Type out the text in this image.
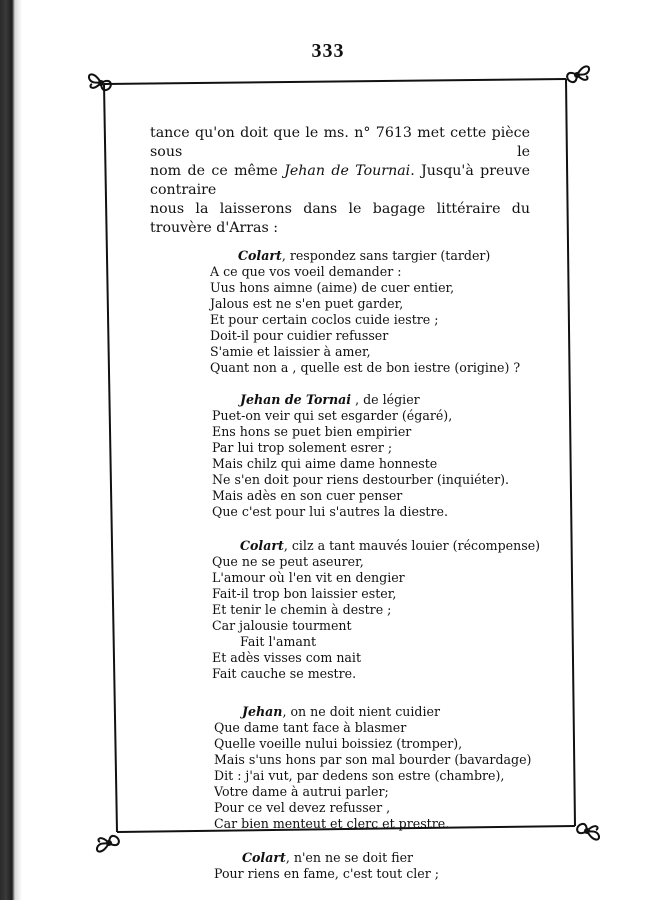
333

tance qu'on doit que le ms. n° 7613 met cette pièce sous le

nom de ce même Jehan de Tournai. Jusqu'à preuve contraire

nous la laisserons dans le bagage littéraire du trouvère d'Arras :

Colart, respondez sans targier (tarder)
A ce que vos voeil demander :
Uus hons aimne (aime) de cuer entier,
Jalous est ne s'en puet garder,
Et pour certain coclos cuide iestre ;
Doit-il pour cuidier refusser
S'amie et laissier à amer,
Quant non a , quelle est de bon iestre (origine) ?
Jehan de Tornai , de légier
Puet-on veir qui set esgarder (égaré),
Ens hons se puet bien empirier
Par lui trop solement esrer ;
Mais chilz qui aime dame honneste
Ne s'en doit pour riens destourber (inquiéter).
Mais adès en son cuer penser
Que c'est pour lui s'autres la diestre.
Colart, cilz a tant mauvés louier (récompense)
Que ne se peut aseurer,
L'amour où l'en vit en dengier
Fait-il trop bon laissier ester,
Et tenir le chemin à destre ;
Car jalousie tourment
Fait l'amant
Et adès visses com nait
Fait cauche se mestre.
Jehan, on ne doit nient cuidier
Que dame tant face à blasmer
Quelle voeille nului boissiez (tromper),
Mais s'uns hons par son mal bourder (bavardage)
Dit : j'ai vut, par dedens son estre (chambre),
Votre dame à autrui parler;
Pour ce vel devez refusser ,
Car bien menteut et clerc et prestre.
Colart, n'en ne se doit fier
Pour riens en fame, c'est tout cler ;
